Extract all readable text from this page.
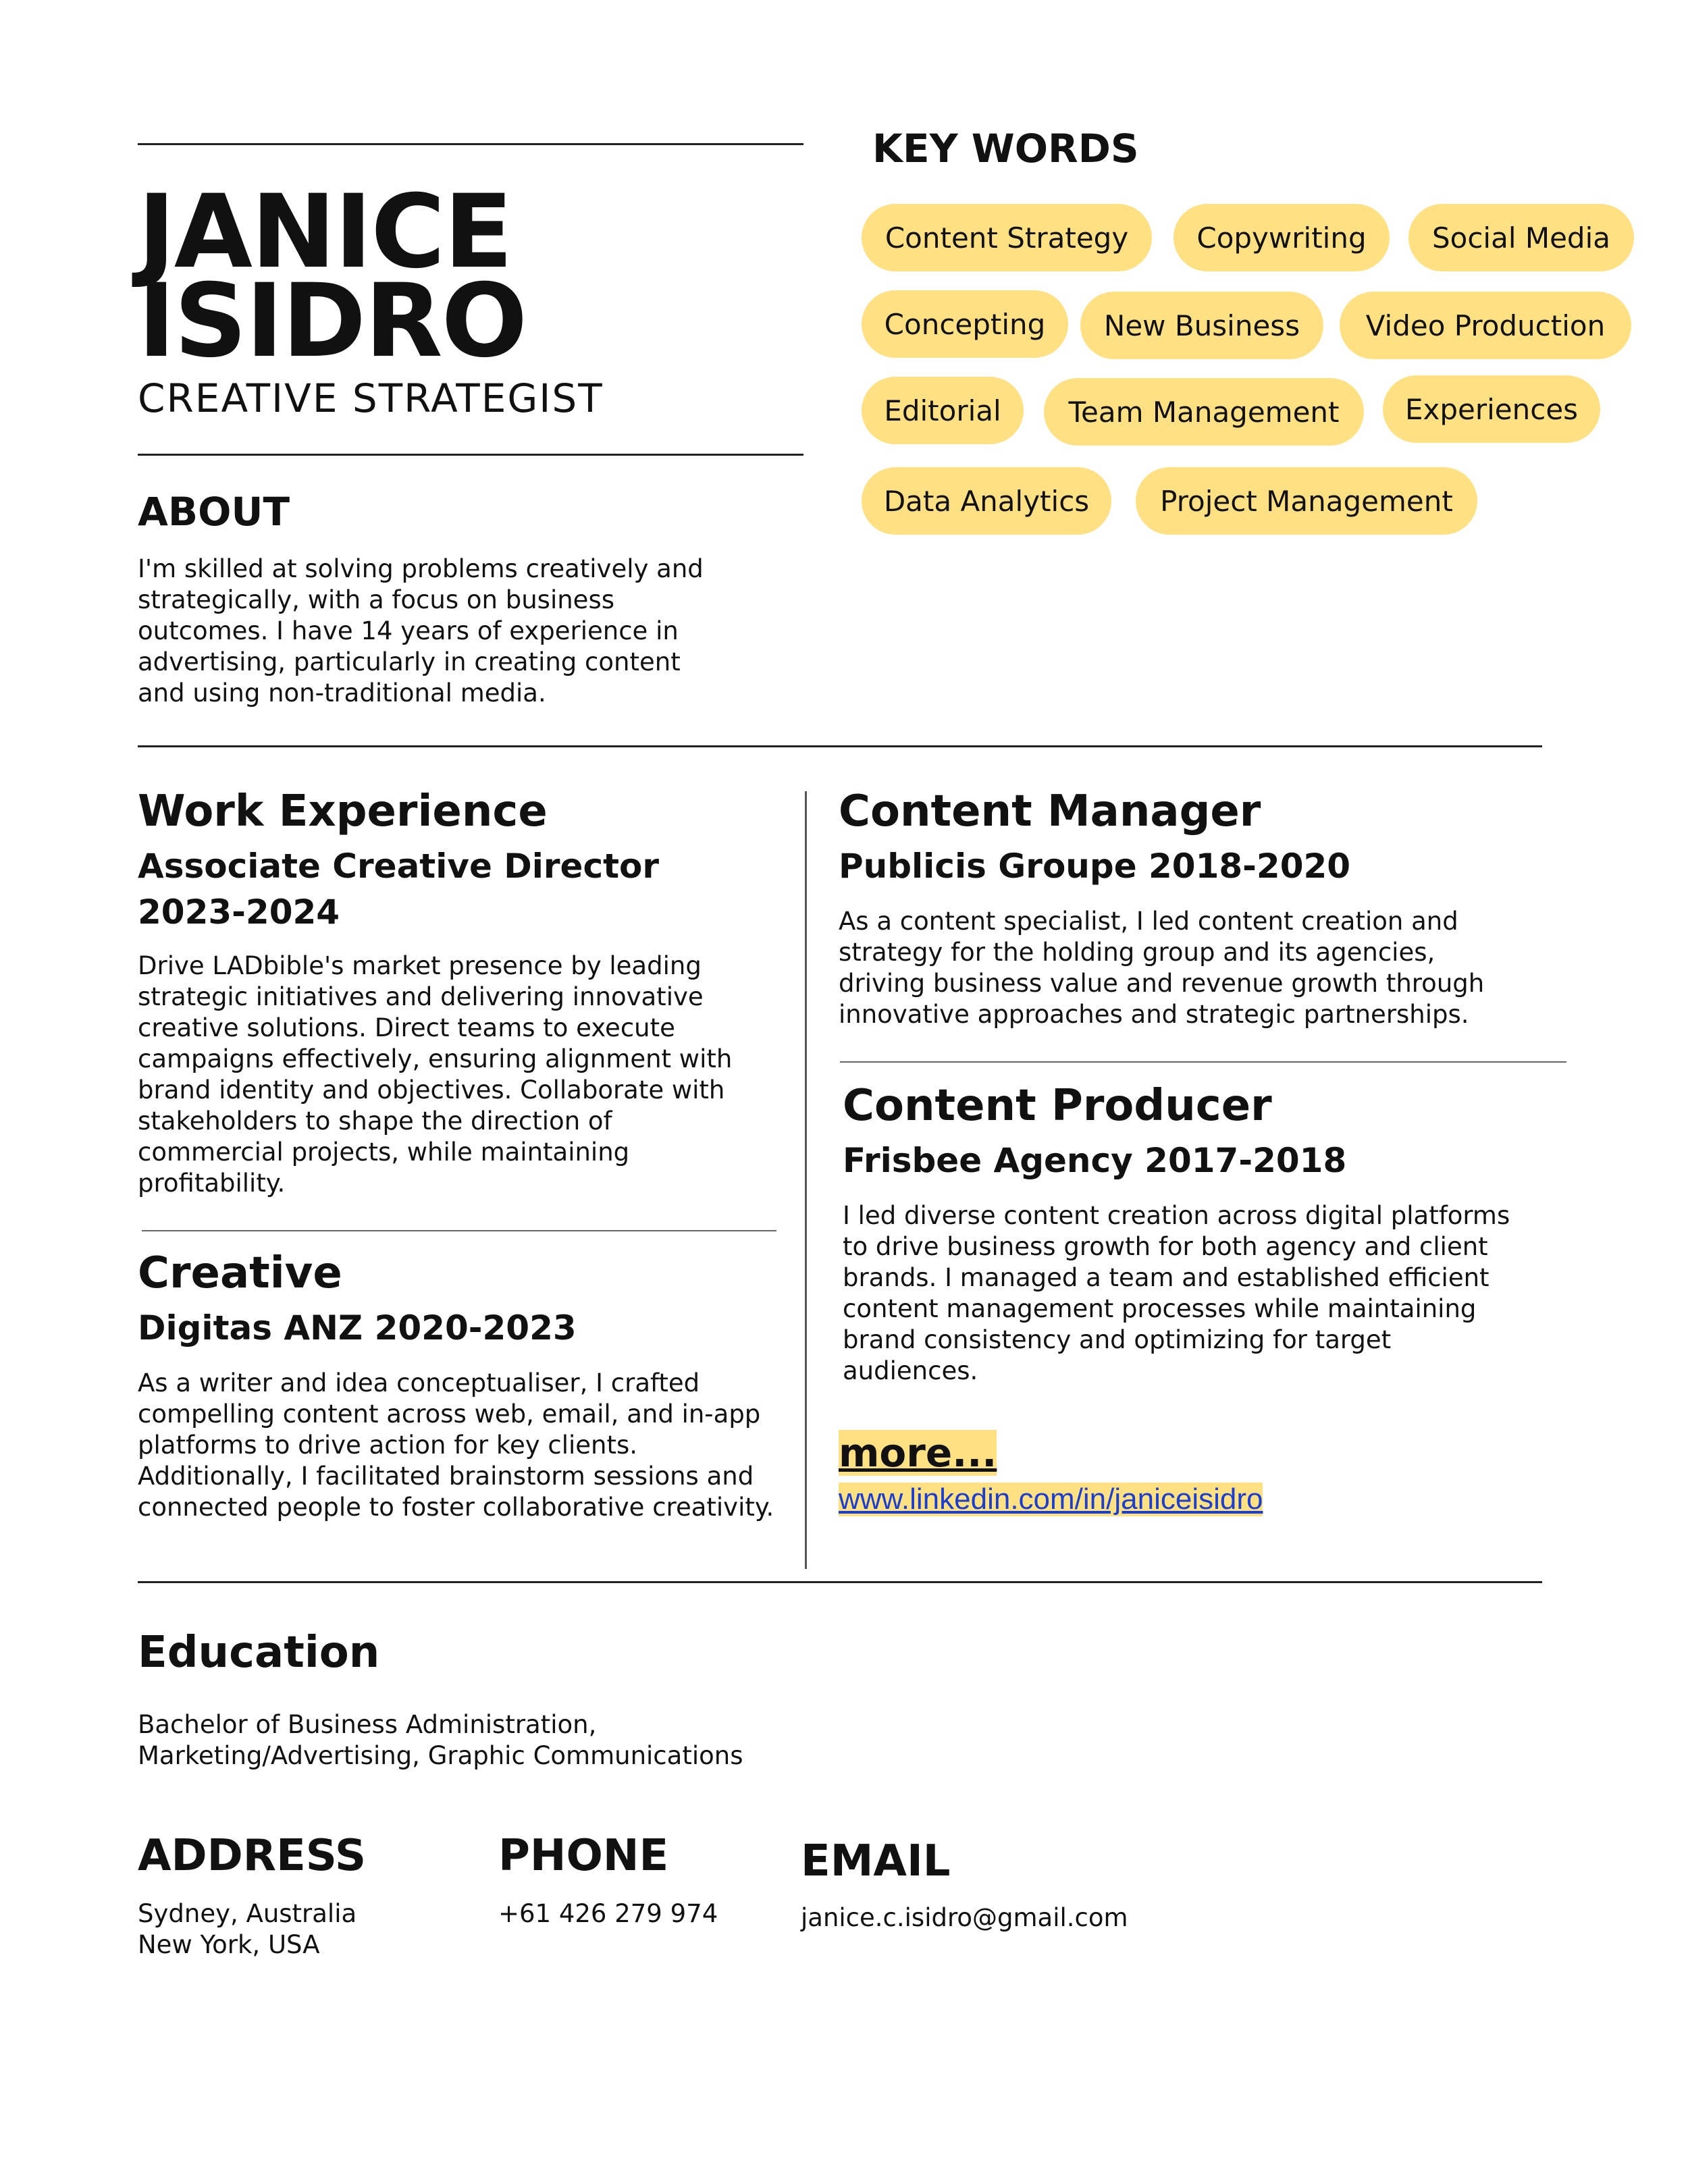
JANICE
ISIDRO
CREATIVE STRATEGIST
ABOUT
I'm skilled at solving problems creatively and
strategically, with a focus on business
outcomes. I have 14 years of experience in
advertising, particularly in creating content
and using non-traditional media.
KEY WORDS
Content Strategy	Copywriting	Social Media
Concepting	New Business	Video Production
Editorial	Team Management	Experiences
Data Analytics	Project Management
Work Experience
Associate Creative Director
2023-2024
Drive LADbible's market presence by leading
strategic initiatives and delivering innovative
creative solutions. Direct teams to execute
campaigns effectively, ensuring alignment with
brand identity and objectives. Collaborate with
stakeholders to shape the direction of
commercial projects, while maintaining
profitability.
Creative
Digitas ANZ 2020-2023
As a writer and idea conceptualiser, I crafted
compelling content across web, email, and in-app
platforms to drive action for key clients.
Additionally, I facilitated brainstorm sessions and
connected people to foster collaborative creativity.
Content Manager
Publicis Groupe 2018-2020
As a content specialist, I led content creation and
strategy for the holding group and its agencies,
driving business value and revenue growth through
innovative approaches and strategic partnerships.
Content Producer
Frisbee Agency 2017-2018
I led diverse content creation across digital platforms
to drive business growth for both agency and client
brands. I managed a team and established efficient
content management processes while maintaining
brand consistency and optimizing for target
audiences.
more...
www.linkedin.com/in/janiceisidro
Education
Bachelor of Business Administration,
Marketing/Advertising, Graphic Communications
ADDRESS
Sydney, Australia
New York, USA
PHONE
+61 426 279 974
EMAIL
janice.c.isidro@gmail.com
